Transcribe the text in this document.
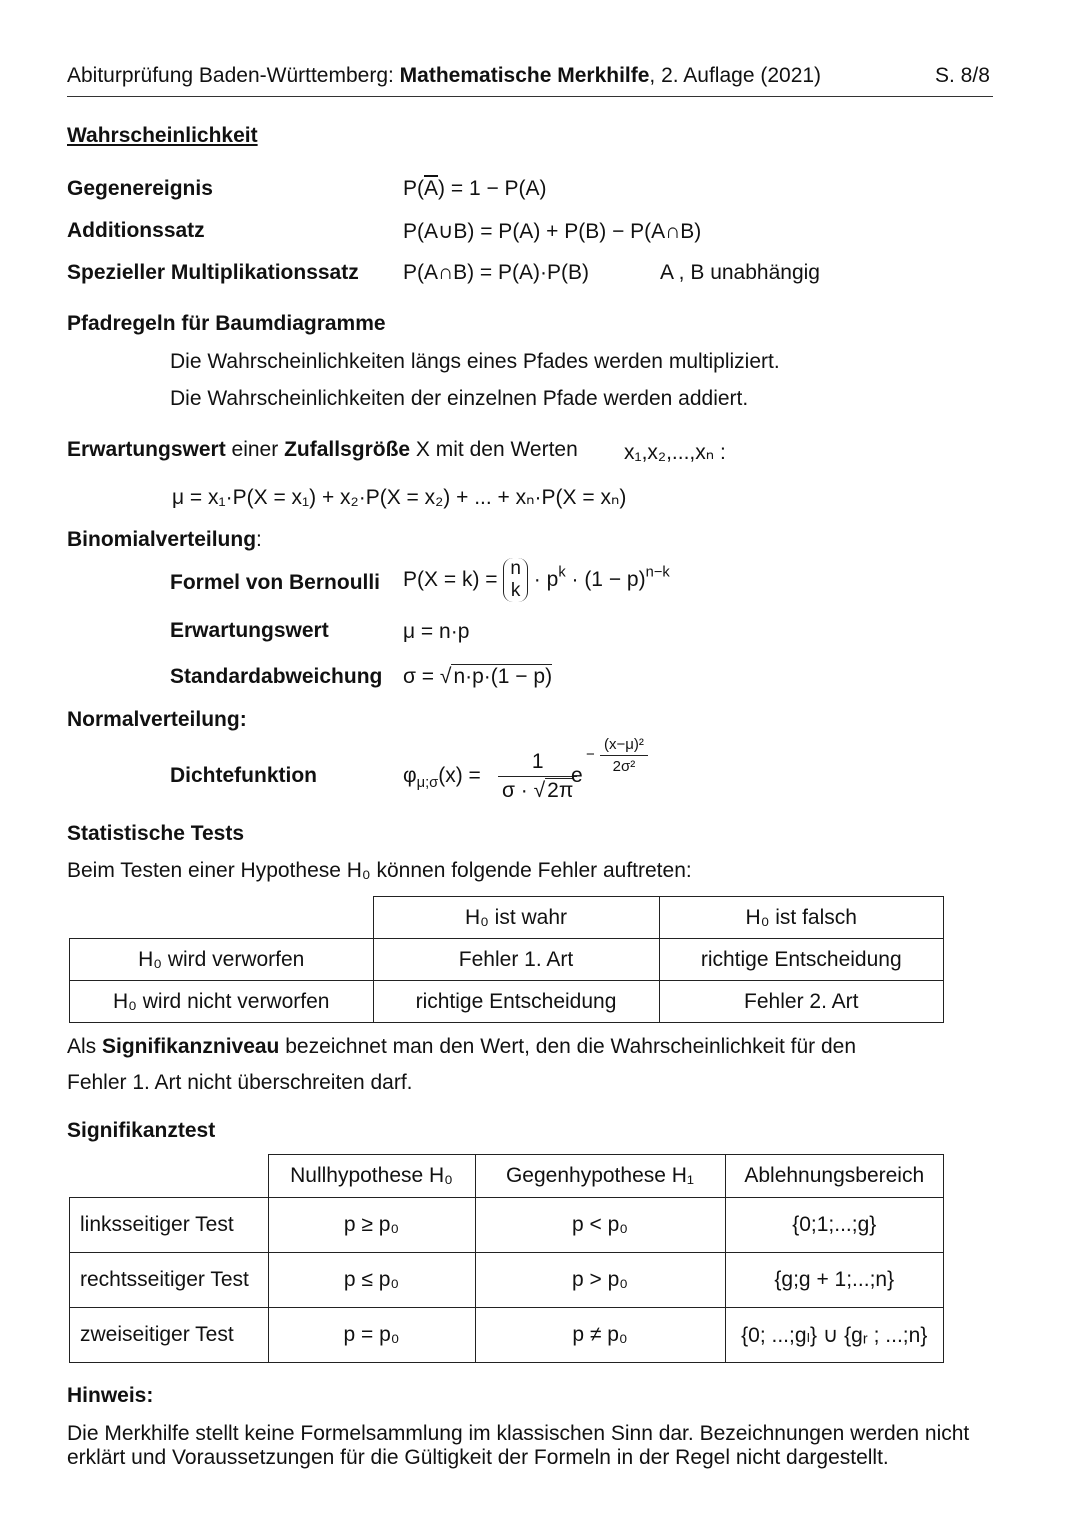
Abiturprüfung Baden-Württemberg: Mathematische Merkhilfe, 2. Auflage (2021)	S. 8/8
Wahrscheinlichkeit
Gegenereignis	$P(\overline{A}) = 1 - P(A)$
Additionssatz	P(A∪B) = P(A) + P(B) − P(A∩B)
Spezieller Multiplikationssatz P(A∩B) = P(A)·P(B)	A , B unabhängig
Pfadregeln für Baumdiagramme
Die Wahrscheinlichkeiten längs eines Pfades werden multipliziert.
Die Wahrscheinlichkeiten der einzelnen Pfade werden addiert.
Erwartungswert einer Zufallsgröße X mit den Werten x₁,x₂,...,xₙ :
μ = x₁·P(X = x₁) + x₂·P(X = x₂) + ... + xₙ·P(X = xₙ)
Binomialverteilung:
Formel von Bernoulli P(X = k) = n
$k \cdot p^k \cdot (1 - p)^{n-k}$
Erwartungswert	μ = n·p
Standardabweichung σ = √n·p·(1 − p)
Normalverteilung:
Dichtefunktion	$\varphi_{\mu;\sigma}(x) = \frac{1}{\sigma \cdot √2\pi}$
e
− $\frac{\text{(x−μ)²}}{\text{2σ²}}$
Statistische Tests
Beim Testen einer Hypothese H₀ können folgende Fehler auftreten:
	H₀ ist wahr	H₀ ist falsch
H₀ wird verworfen	Fehler 1. Art	richtige Entscheidung
H₀ wird nicht verworfen	richtige Entscheidung	Fehler 2. Art
Als Signifikanzniveau bezeichnet man den Wert, den die Wahrscheinlichkeit für den
Fehler 1. Art nicht überschreiten darf.
Signifikanztest
	Nullhypothese H₀	Gegenhypothese H₁	Ablehnungsbereich
linksseitiger Test	p ≥ p₀	p < p₀	{0;1;...;g}
rechtsseitiger Test	p ≤ p₀	p > p₀	{g;g + 1;...;n}
zweiseitiger Test	p = p₀	p ≠ p₀	{0; ...;gₗ} ∪ {gᵣ ; ...;n}
Hinweis:
Die Merkhilfe stellt keine Formelsammlung im klassischen Sinn dar. Bezeichnungen werden nicht
erklärt und Voraussetzungen für die Gültigkeit der Formeln in der Regel nicht dargestellt.
